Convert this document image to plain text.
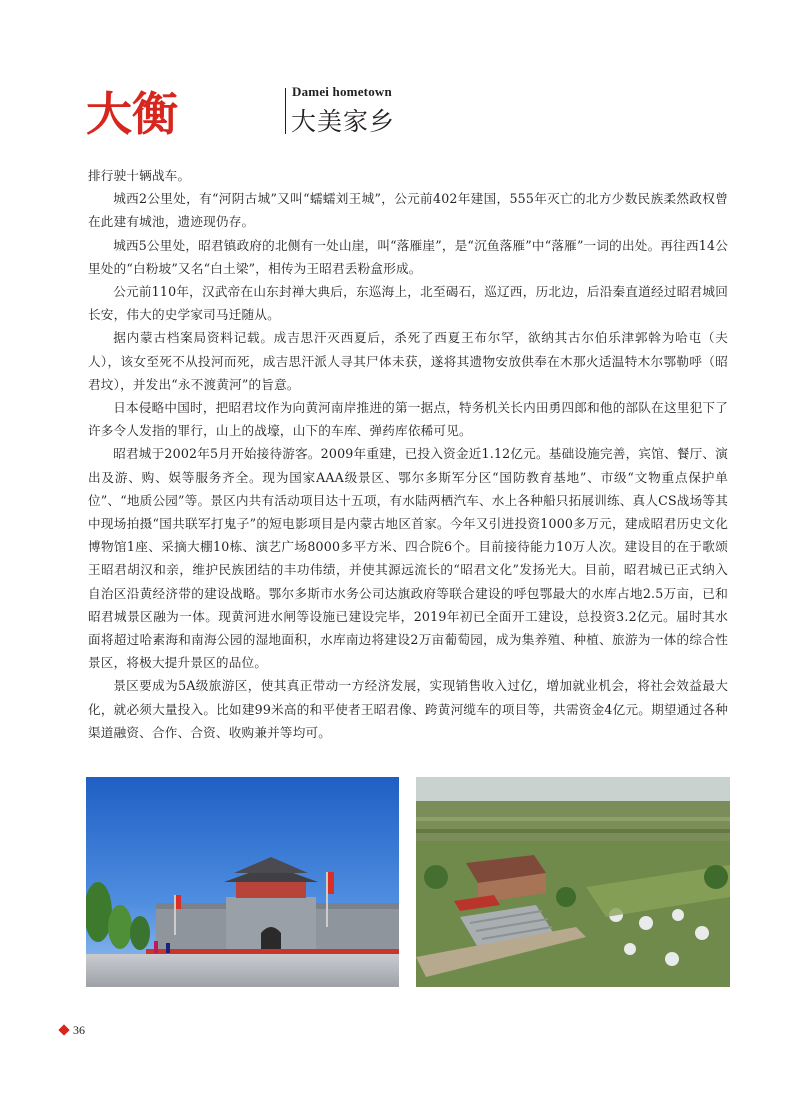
大衡	Damei hometown
大美家乡

排行驶十辆战车。

城西2公里处，有“河阴古城”又叫“蠕蠕刘王城”，公元前402年建国，555年灭亡的北方少数民族柔然政权曾在此建有城池，遗迹现仍存。

城西5公里处，昭君镇政府的北侧有一处山崖，叫“落雁崖”，是“沉鱼落雁”中“落雁”一词的出处。再往西14公里处的“白粉坡”又名“白土梁”，相传为王昭君丢粉盒形成。

公元前110年，汉武帝在山东封禅大典后，东巡海上，北至碣石，巡辽西，历北边，后沿秦直道经过昭君城回长安，伟大的史学家司马迁随从。

据内蒙古档案局资料记载。成吉思汗灭西夏后，杀死了西夏王布尔罕，欲纳其古尔伯乐津郭斡为哈屯（夫人），该女至死不从投河而死，成吉思汗派人寻其尸体未获，遂将其遗物安放供奉在木那火适温特木尔鄂勒呼（昭君坟），并发出“永不渡黄河”的旨意。

日本侵略中国时，把昭君坟作为向黄河南岸推进的第一据点，特务机关长内田勇四郎和他的部队在这里犯下了许多令人发指的罪行，山上的战壕，山下的车库、弹药库依稀可见。

昭君城于2002年5月开始接待游客。2009年重建，已投入资金近1.12亿元。基础设施完善，宾馆、餐厅、演出及游、购、娱等服务齐全。现为国家AAA级景区、鄂尔多斯军分区“国防教育基地”、市级“文物重点保护单位”、“地质公园”等。景区内共有活动项目达十五项，有水陆两栖汽车、水上各种船只拓展训练、真人CS战场等其中现场拍摄“国共联军打鬼子”的短电影项目是内蒙古地区首家。今年又引进投资1000多万元，建成昭君历史文化博物馆1座、采摘大棚10栋、演艺广场8000多平方米、四合院6个。目前接待能力10万人次。建设目的在于歌颂王昭君胡汉和亲，维护民族团结的丰功伟绩，并使其源远流长的“昭君文化”发扬光大。目前，昭君城已正式纳入自治区沿黄经济带的建设战略。鄂尔多斯市水务公司达旗政府等联合建设的呼包鄂最大的水库占地2.5万亩，已和昭君城景区融为一体。现黄河进水闸等设施已建设完毕，2019年初已全面开工建设，总投资3.2亿元。届时其水面将超过哈素海和南海公园的湿地面积，水库南边将建设2万亩葡萄园，成为集养殖、种植、旅游为一体的综合性景区，将极大提升景区的品位。

景区要成为5A级旅游区，使其真正带动一方经济发展，实现销售收入过亿，增加就业机会，将社会效益最大化，就必须大量投入。比如建99米高的和平使者王昭君像、跨黄河缆车的项目等，共需资金4亿元。期望通过各种渠道融资、合作、合资、收购兼并等均可。

36
